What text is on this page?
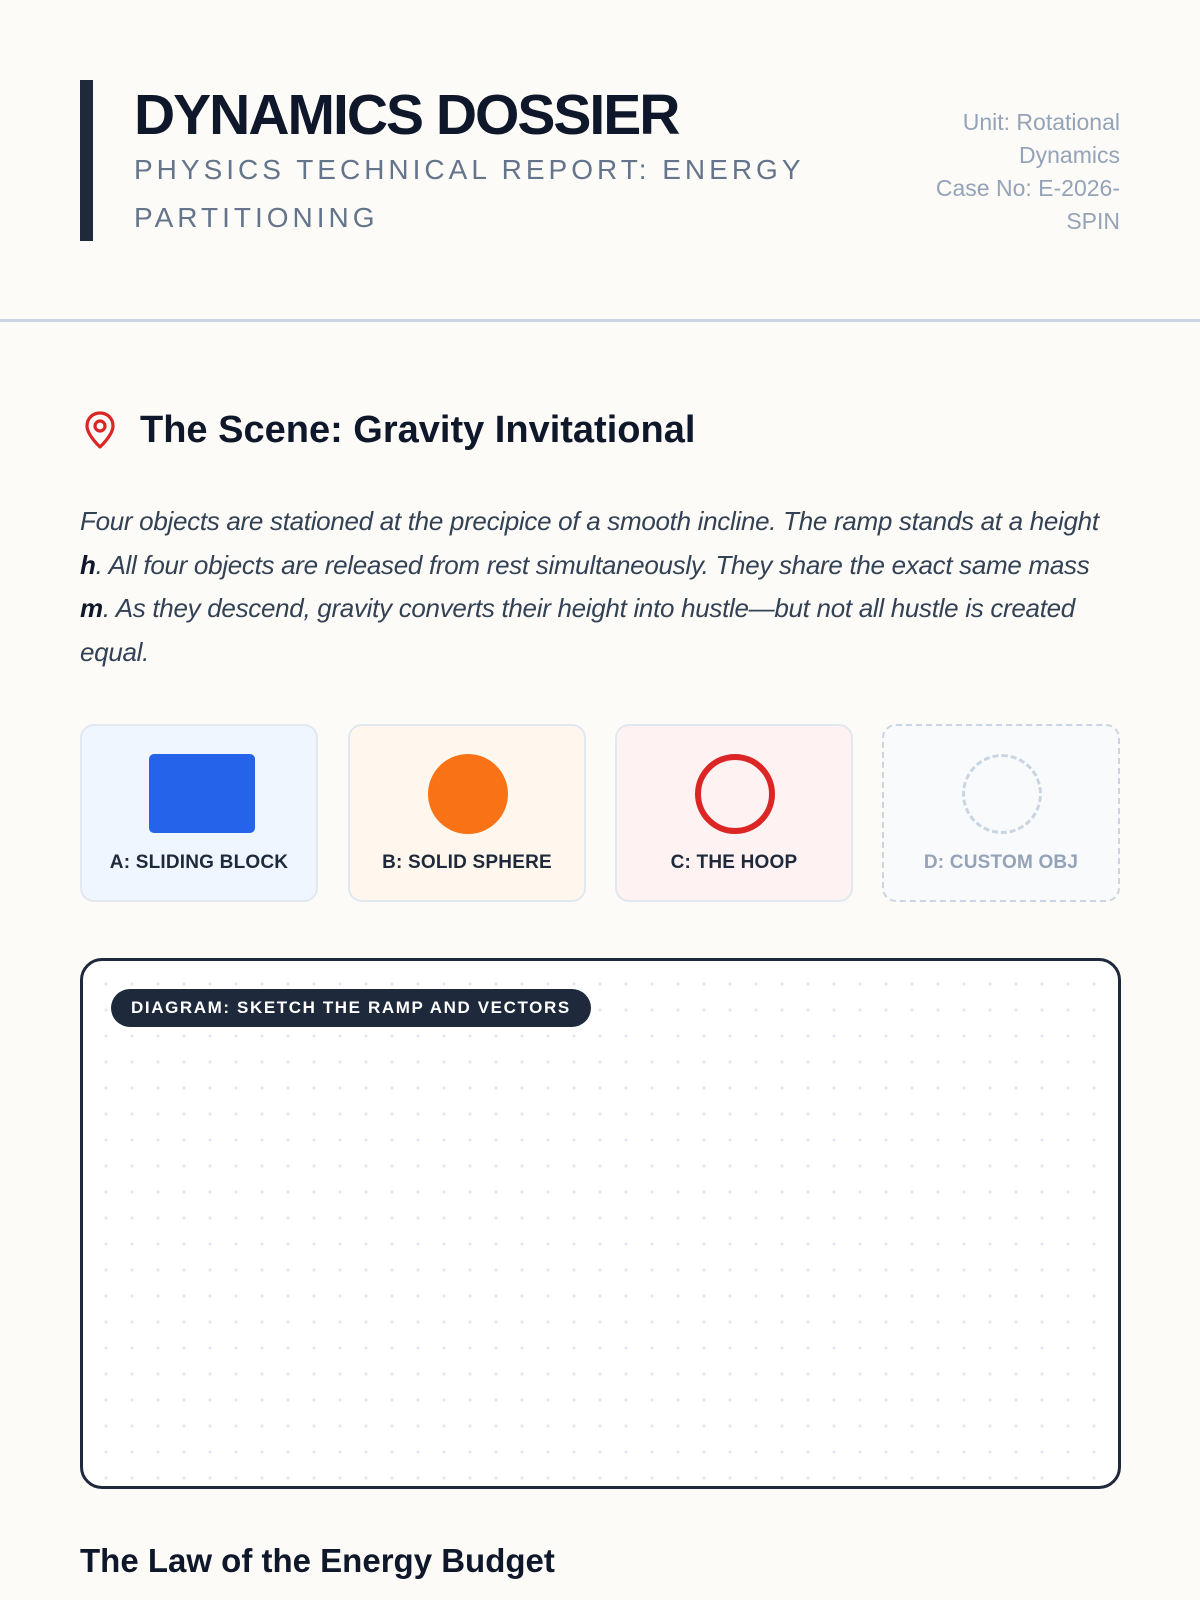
DYNAMICS DOSSIER
PHYSICS TECHNICAL REPORT: ENERGY PARTITIONING
Unit: Rotational Dynamics
Case No: E-2026-SPIN
The Scene: Gravity Invitational
Four objects are stationed at the precipice of a smooth incline. The ramp stands at a height h. All four objects are released from rest simultaneously. They share the exact same mass m. As they descend, gravity converts their height into hustle—but not all hustle is created equal.
A: SLIDING BLOCK	B: SOLID SPHERE	C: THE HOOP	D: CUSTOM OBJ
DIAGRAM: SKETCH THE RAMP AND VECTORS
The Law of the Energy Budget
